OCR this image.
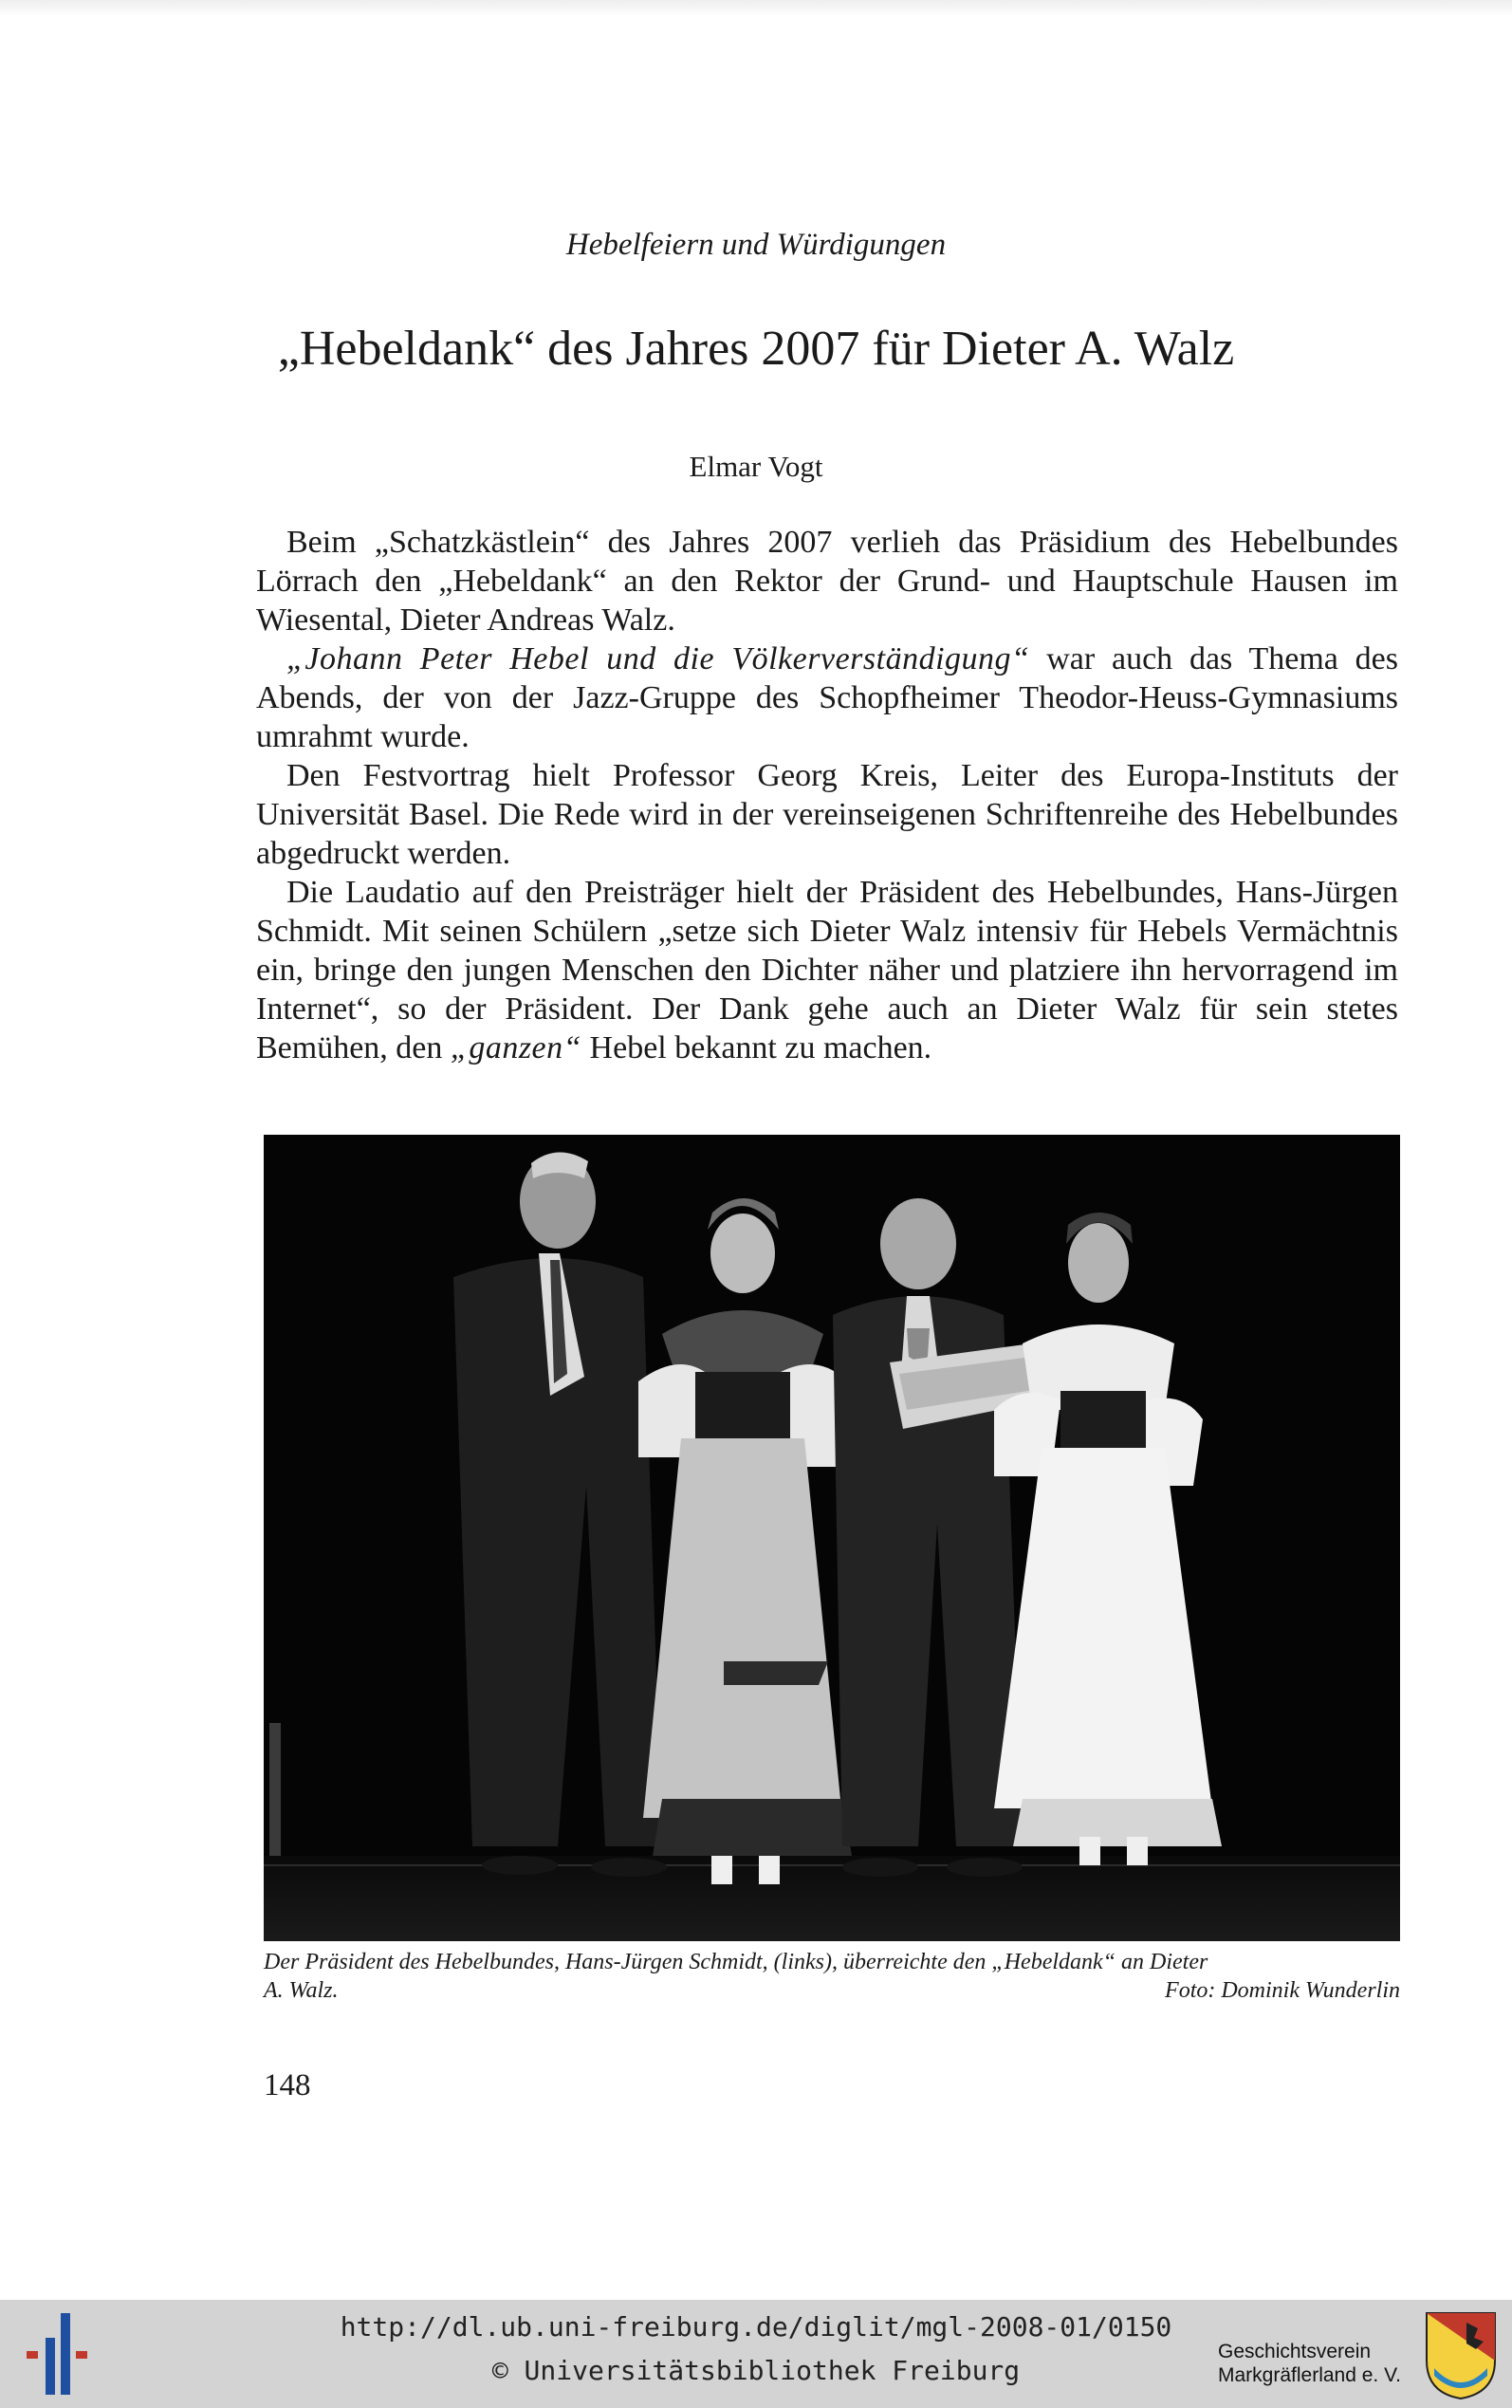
Hebelfeiern und Würdigungen
„Hebeldank“ des Jahres 2007 für Dieter A. Walz
Elmar Vogt

Beim „Schatzkästlein“ des Jahres 2007 verlieh das Präsidium des Hebelbundes Lörrach den „Hebeldank“ an den Rektor der Grund- und Hauptschule Hausen im Wiesental, Dieter Andreas Walz.

„Johann Peter Hebel und die Völkerverständigung“ war auch das Thema des Abends, der von der Jazz-Gruppe des Schopfheimer Theodor-Heuss-Gymnasiums umrahmt wurde.

Den Festvortrag hielt Professor Georg Kreis, Leiter des Europa-Instituts der Universität Basel. Die Rede wird in der vereinseigenen Schriftenreihe des Hebelbundes abgedruckt werden.

Die Laudatio auf den Preisträger hielt der Präsident des Hebelbundes, Hans-Jürgen Schmidt. Mit seinen Schülern „setze sich Dieter Walz intensiv für Hebels Vermächtnis ein, bringe den jungen Menschen den Dichter näher und platziere ihn hervorragend im Internet“, so der Präsident. Der Dank gehe auch an Dieter Walz für sein stetes Bemühen, den „ganzen“ Hebel bekannt zu machen.

Der Präsident des Hebelbundes, Hans-Jürgen Schmidt, (links), überreichte den „Hebeldank“ an Dieter
A. Walz.	Foto: Dominik Wunderlin
148
http://dl.ub.uni-freiburg.de/diglit/mgl-2008-01/0150
© Universitätsbibliothek Freiburg
Geschichtsverein
Markgräflerland e. V.
